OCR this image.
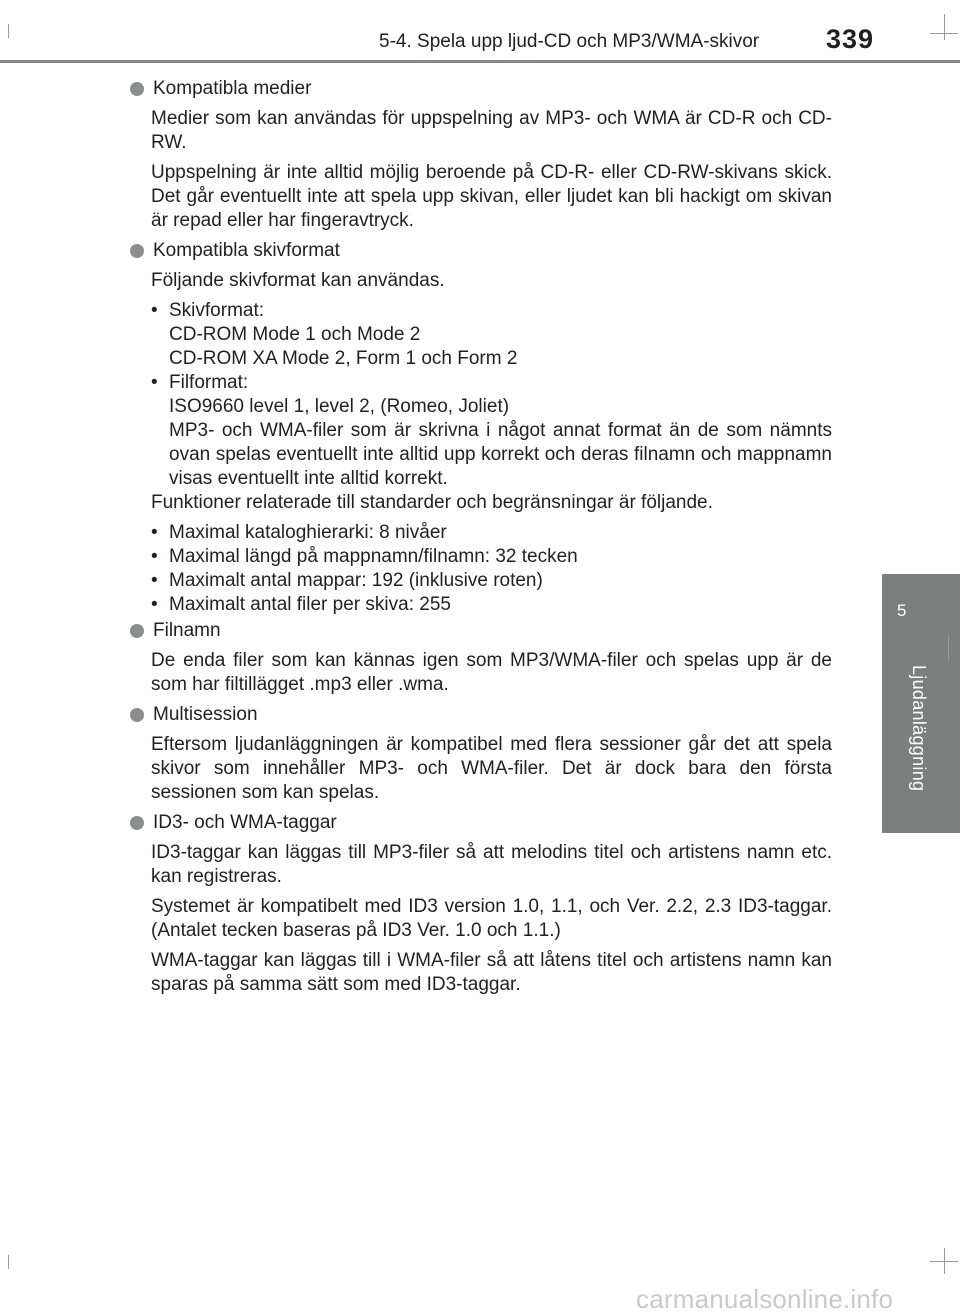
5-4. Spela upp ljud-CD och MP3/WMA-skivor 339
5
Ljudanläggning
Kompatibla medier

Medier som kan användas för uppspelning av MP3- och WMA är CD-R och CD-RW.

Uppspelning är inte alltid möjlig beroende på CD-R- eller CD-RW-skivans skick. Det går eventuellt inte att spela upp skivan, eller ljudet kan bli hackigt om skivan är repad eller har fingeravtryck.

Kompatibla skivformat

Följande skivformat kan användas.

• Skivformat:
CD-ROM Mode 1 och Mode 2
CD-ROM XA Mode 2, Form 1 och Form 2
• Filformat:
ISO9660 level 1, level 2, (Romeo, Joliet)
MP3- och WMA-filer som är skrivna i något annat format än de som nämnts ovan spelas eventuellt inte alltid upp korrekt och deras filnamn och mappnamn visas eventuellt inte alltid korrekt.

Funktioner relaterade till standarder och begränsningar är följande.

• Maximal kataloghierarki: 8 nivåer
• Maximal längd på mappnamn/filnamn: 32 tecken
• Maximalt antal mappar: 192 (inklusive roten)
• Maximalt antal filer per skiva: 255
Filnamn

De enda filer som kan kännas igen som MP3/WMA-filer och spelas upp är de som har filtillägget .mp3 eller .wma.

Multisession

Eftersom ljudanläggningen är kompatibel med flera sessioner går det att spela skivor som innehåller MP3- och WMA-filer. Det är dock bara den första sessionen som kan spelas.

ID3- och WMA-taggar

ID3-taggar kan läggas till MP3-filer så att melodins titel och artistens namn etc. kan registreras.

Systemet är kompatibelt med ID3 version 1.0, 1.1, och Ver. 2.2, 2.3 ID3-taggar. (Antalet tecken baseras på ID3 Ver. 1.0 och 1.1.)

WMA-taggar kan läggas till i WMA-filer så att låtens titel och artistens namn kan sparas på samma sätt som med ID3-taggar.

carmanualsonline.info
